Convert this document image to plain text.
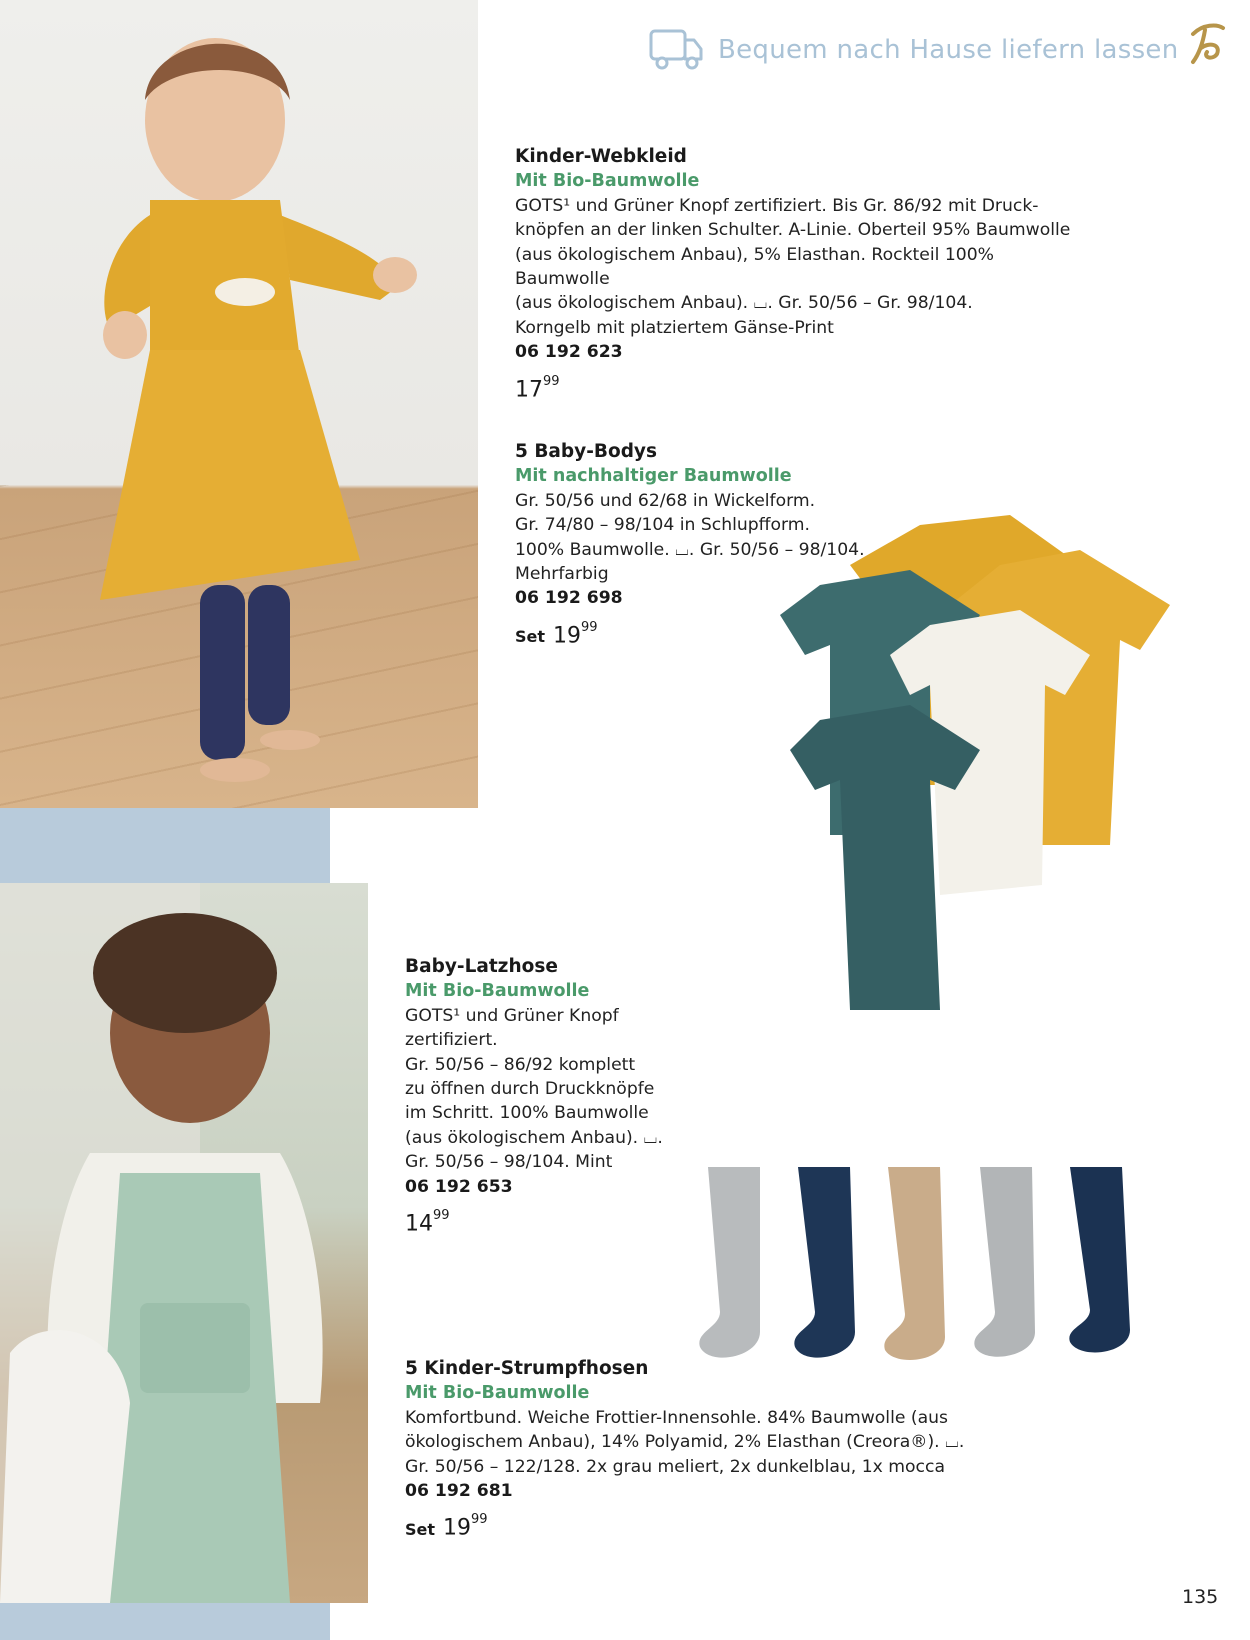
Bequem nach Hause liefern lassen
Kinder-Webkleid
Mit Bio-Baumwolle
GOTS¹ und Grüner Knopf zertifiziert. Bis Gr. 86/92 mit Druck-
knöpfen an der linken Schulter. A-Linie. Oberteil 95% Baumwolle
(aus ökologischem Anbau), 5% Elasthan. Rockteil 100% Baumwolle
(aus ökologischem Anbau). ⌴. Gr. 50/56 – Gr. 98/104.
Korngelb mit platziertem Gänse-Print
06 192 623
$17^{99}$
5 Baby-Bodys
Mit nachhaltiger Baumwolle
Gr. 50/56 und 62/68 in Wickelform.
Gr. 74/80 – 98/104 in Schlupfform.
100% Baumwolle. ⌴. Gr. 50/56 – 98/104.
Mehrfarbig
06 192 698
Set $19^{99}$
Baby-Latzhose
Mit Bio-Baumwolle
GOTS¹ und Grüner Knopf zertifiziert.
Gr. 50/56 – 86/92 komplett
zu öffnen durch Druckknöpfe
im Schritt. 100% Baumwolle
(aus ökologischem Anbau). ⌴.
Gr. 50/56 – 98/104. Mint
06 192 653
$14^{99}$
5 Kinder-Strumpfhosen
Mit Bio-Baumwolle
Komfortbund. Weiche Frottier-Innensohle. 84% Baumwolle (aus
ökologischem Anbau), 14% Polyamid, 2% Elasthan (Creora®). ⌴.
Gr. 50/56 – 122/128. 2x grau meliert, 2x dunkelblau, 1x mocca
06 192 681
Set $19^{99}$
135
